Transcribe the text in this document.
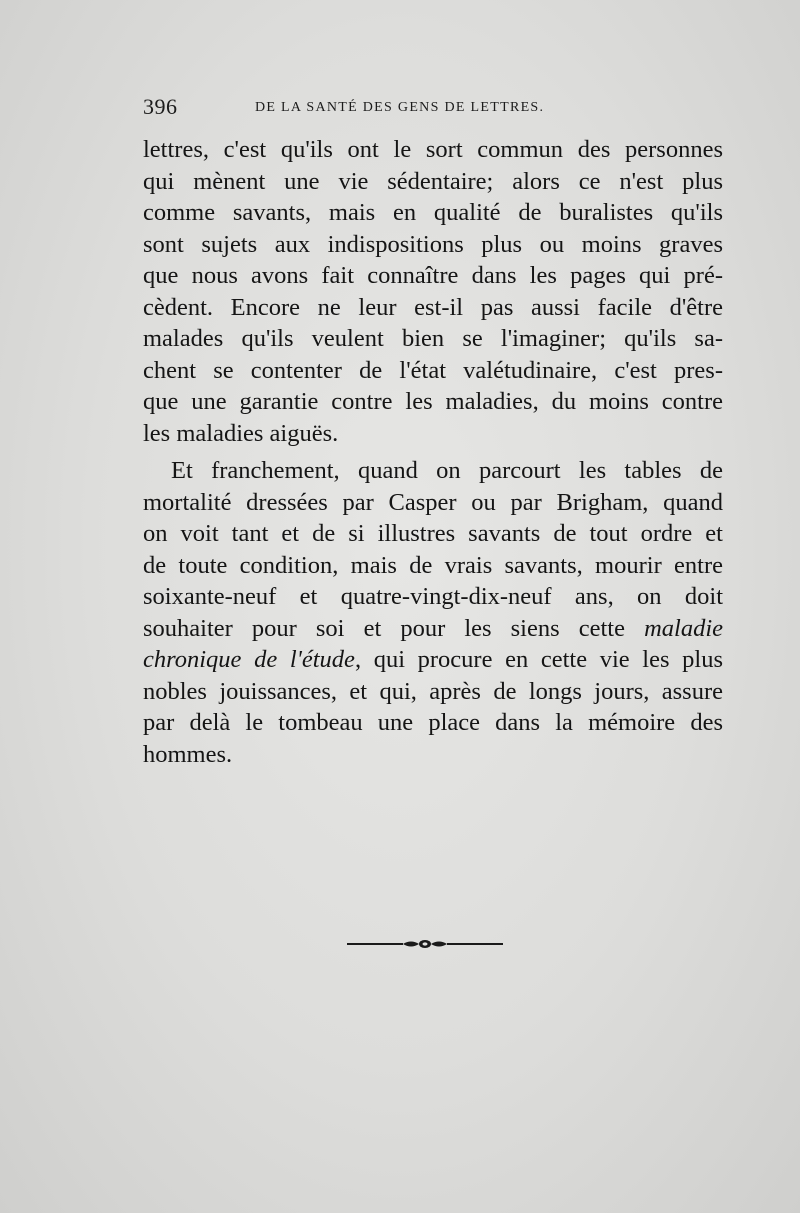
396	DE LA SANTÉ DES GENS DE LETTRES.

lettres, c'est qu'ils ont le sort commun des personnes
qui mènent une vie sédentaire; alors ce n'est plus
comme savants, mais en qualité de buralistes qu'ils
sont sujets aux indispositions plus ou moins graves
que nous avons fait connaître dans les pages qui pré-
cèdent. Encore ne leur est-il pas aussi facile d'être
malades qu'ils veulent bien se l'imaginer; qu'ils sa-
chent se contenter de l'état valétudinaire, c'est pres-
que une garantie contre les maladies, du moins contre
les maladies aiguës.

Et franchement, quand on parcourt les tables de
mortalité dressées par Casper ou par Brigham, quand
on voit tant et de si illustres savants de tout ordre et
de toute condition, mais de vrais savants, mourir entre
soixante-neuf et quatre-vingt-dix-neuf ans, on doit
souhaiter pour soi et pour les siens cette maladie
chronique de l'étude, qui procure en cette vie les plus
nobles jouissances, et qui, après de longs jours, assure
par delà le tombeau une place dans la mémoire des
hommes.
